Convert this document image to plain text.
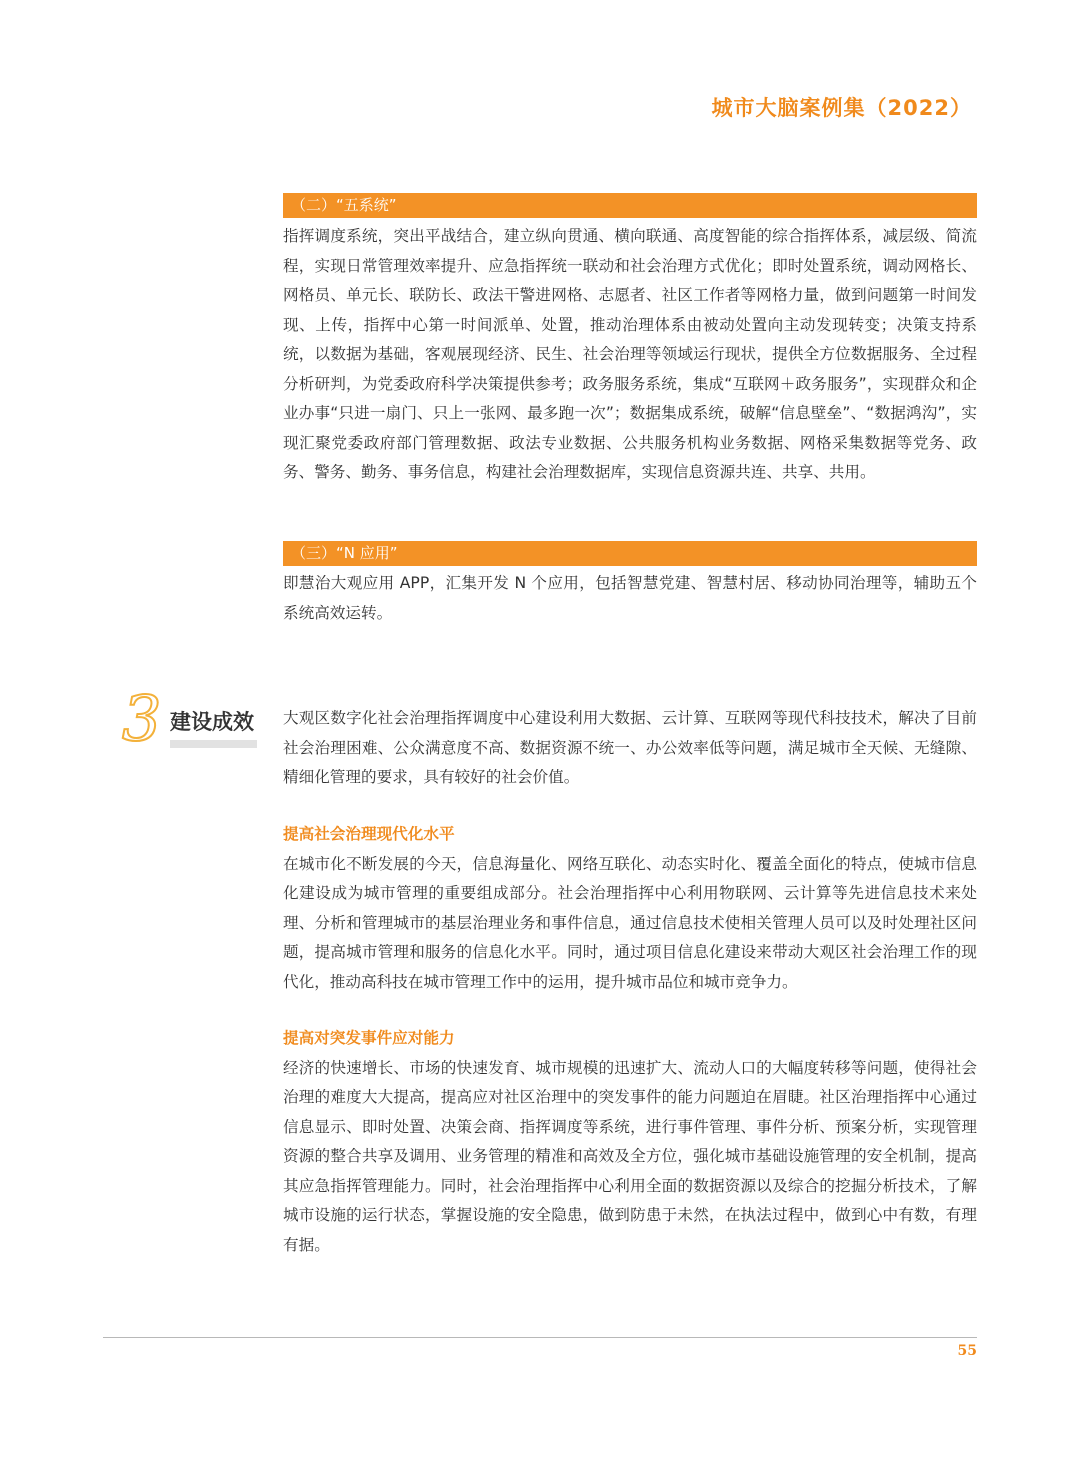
城市大脑案例集（2022）
（二）“五系统”

指挥调度系统，突出平战结合，建立纵向贯通、横向联通、高度智能的综合指挥体系，减层级、简流程，实现日常管理效率提升、应急指挥统一联动和社会治理方式优化；即时处置系统，调动网格长、网格员、单元长、联防长、政法干警进网格、志愿者、社区工作者等网格力量，做到问题第一时间发现、上传，指挥中心第一时间派单、处置，推动治理体系由被动处置向主动发现转变；决策支持系统，以数据为基础，客观展现经济、民生、社会治理等领域运行现状，提供全方位数据服务、全过程分析研判，为党委政府科学决策提供参考；政务服务系统，集成“互联网＋政务服务”，实现群众和企业办事“只进一扇门、只上一张网、最多跑一次”；数据集成系统，破解“信息壁垒”、“数据鸿沟”，实现汇聚党委政府部门管理数据、政法专业数据、公共服务机构业务数据、网格采集数据等党务、政务、警务、勤务、事务信息，构建社会治理数据库，实现信息资源共连、共享、共用。

（三）“N 应用”

即慧治大观应用 APP，汇集开发 N 个应用，包括智慧党建、智慧村居、移动协同治理等，辅助五个系统高效运转。

3 建设成效 大观区数字化社会治理指挥调度中心建设利用大数据、云计算、互联网等现代科技技术，解决了目前社会治理困难、公众满意度不高、数据资源不统一、办公效率低等问题，满足城市全天候、无缝隙、精细化管理的要求，具有较好的社会价值。

提高社会治理现代化水平

在城市化不断发展的今天，信息海量化、网络互联化、动态实时化、覆盖全面化的特点，使城市信息化建设成为城市管理的重要组成部分。社会治理指挥中心利用物联网、云计算等先进信息技术来处理、分析和管理城市的基层治理业务和事件信息，通过信息技术使相关管理人员可以及时处理社区问题，提高城市管理和服务的信息化水平。同时，通过项目信息化建设来带动大观区社会治理工作的现代化，推动高科技在城市管理工作中的运用，提升城市品位和城市竞争力。

提高对突发事件应对能力

经济的快速增长、市场的快速发育、城市规模的迅速扩大、流动人口的大幅度转移等问题，使得社会治理的难度大大提高，提高应对社区治理中的突发事件的能力问题迫在眉睫。社区治理指挥中心通过信息显示、即时处置、决策会商、指挥调度等系统，进行事件管理、事件分析、预案分析，实现管理资源的整合共享及调用、业务管理的精准和高效及全方位，强化城市基础设施管理的安全机制，提高其应急指挥管理能力。同时，社会治理指挥中心利用全面的数据资源以及综合的挖掘分析技术，了解城市设施的运行状态，掌握设施的安全隐患，做到防患于未然，在执法过程中，做到心中有数，有理有据。

55
